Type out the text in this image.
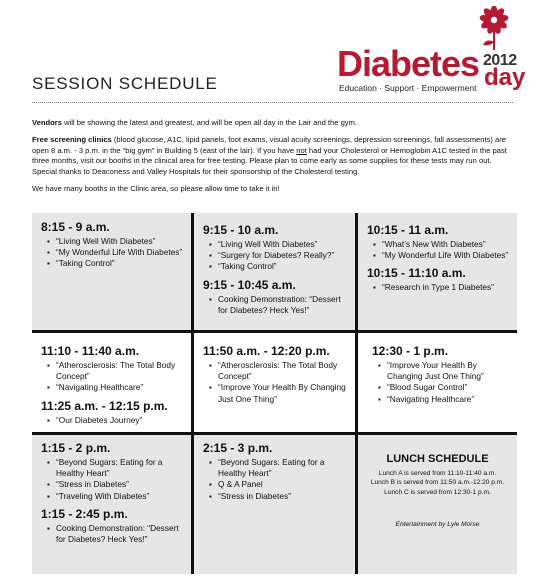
SESSION SCHEDULE	Diabetes 2012
day
Education · Support · Empowerment

Vendors will be showing the latest and greatest, and will be open all day in the Lair and the gym.

Free screening clinics (blood glucose, A1C, lipid panels, foot exams, visual acuity screenings, depression screenings, fall assessments) are open 8 a.m. - 3 p.m. in the “big gym” in Building 5 (east of the lair). If you have not had your Cholesterol or Hemoglobin A1C tested in the past three months, visit our booths in the clinical area for free testing. Please plan to come early as some supplies for these tests may run out. Special thanks to Deaconess and Valley Hospitals for their sponsorship of the Cholesterol testing.

We have many booths in the Clinic area, so please allow time to take it in!

8:15 - 9 a.m.

▪ “Living Well With Diabetes”
▪ “My Wonderful Life With Diabetes”
▪ “Taking Control”

9:15 - 10 a.m.

▪ “Living Well With Diabetes”
▪ “Surgery for Diabetes? Really?”
▪ “Taking Control”

9:15 - 10:45 a.m.

▪ Cooking Demonstration: “Dessert for Diabetes? Heck Yes!”

10:15 - 11 a.m.

▪ “What’s New With Diabetes”
▪ “My Wonderful Life With Diabetes”

10:15 - 11:10 a.m.

▪ “Research in Type 1 Diabetes”

11:10 - 11:40 a.m.

▪ “Atherosclerosis: The Total Body Concept”
▪ “Navigating Healthcare”

11:25 a.m. - 12:15 p.m.

▪ “Our Diabetes Journey”

11:50 a.m. - 12:20 p.m.

▪ “Atherosclerosis: The Total Body Concept”
▪ “Improve Your Health By Changing Just One Thing”

12:30 - 1 p.m.

▪ “Improve Your Health By Changing Just One Thing”
▪ “Blood Sugar Control”
▪ “Navigating Healthcare”

1:15 - 2 p.m.

▪ “Beyond Sugars: Eating for a Healthy Heart”
▪ “Stress in Diabetes”
▪ “Traveling With Diabetes”

1:15 - 2:45 p.m.

▪ Cooking Demonstration: “Dessert for Diabetes? Heck Yes!”

2:15 - 3 p.m.

▪ “Beyond Sugars: Eating for a Healthy Heart”
▪ Q & A Panel
▪ “Stress in Diabetes”

LUNCH SCHEDULE

Lunch A is served from 11:10-11:40 a.m.
Lunch B is served from 11:50 a.m.-12:20 p.m.
Lunch C is served from 12:30-1 p.m.
Entertainment by Lyle Morse
